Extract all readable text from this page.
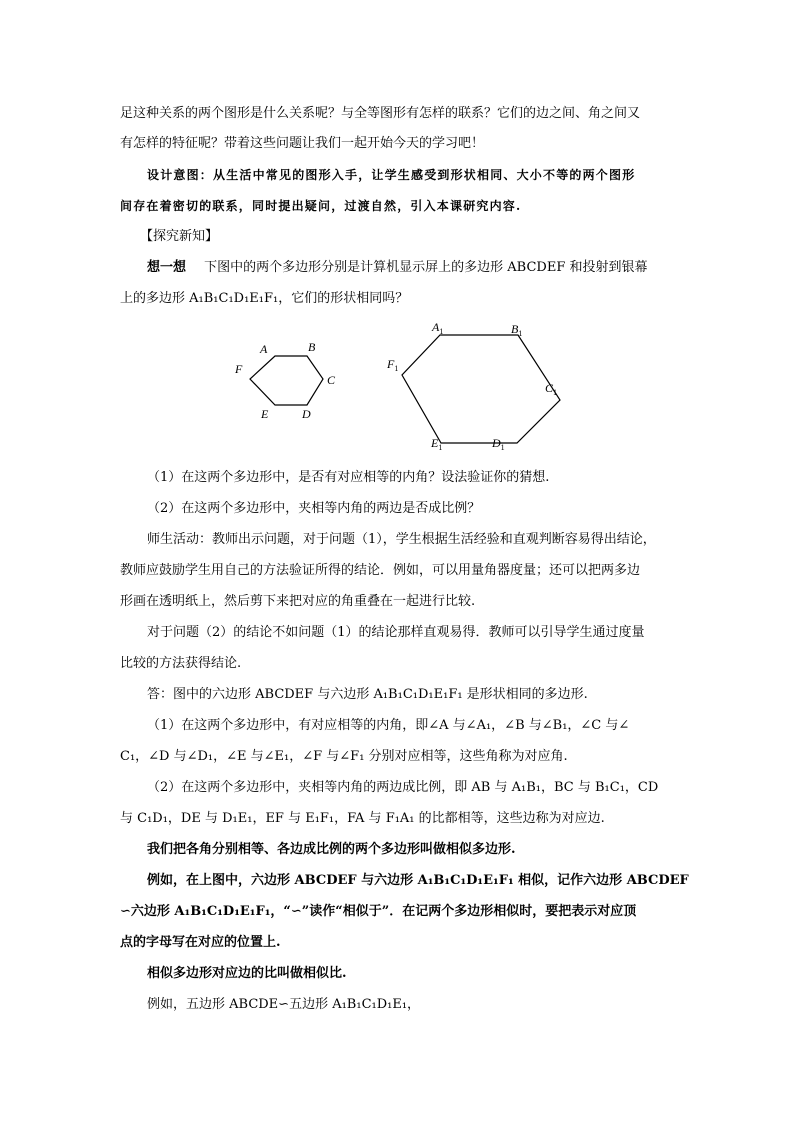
足这种关系的两个图形是什么关系呢？与全等图形有怎样的联系？它们的边之间、角之间又
有怎样的特征呢？带着这些问题让我们一起开始今天的学习吧！
设计意图：从生活中常见的图形入手，让学生感受到形状相同、大小不等的两个图形
间存在着密切的联系，同时提出疑问，过渡自然，引入本课研究内容.
【探究新知】
想一想 下图中的两个多边形分别是计算机显示屏上的多边形 ABCDEF 和投射到银幕
上的多边形 A₁B₁C₁D₁E₁F₁，它们的形状相同吗？
A	B
C
D
E
F
$A_1$	$B_1$
$C_1$
$D_1$
$E_1$
$F_1$
（1）在这两个多边形中，是否有对应相等的内角？设法验证你的猜想.
（2）在这两个多边形中，夹相等内角的两边是否成比例？
师生活动：教师出示问题，对于问题（1），学生根据生活经验和直观判断容易得出结论，
教师应鼓励学生用自己的方法验证所得的结论．例如，可以用量角器度量；还可以把两多边
形画在透明纸上，然后剪下来把对应的角重叠在一起进行比较.
对于问题（2）的结论不如问题（1）的结论那样直观易得．教师可以引导学生通过度量
比较的方法获得结论.
答：图中的六边形 ABCDEF 与六边形 A₁B₁C₁D₁E₁F₁ 是形状相同的多边形.
（1）在这两个多边形中，有对应相等的内角，即∠A 与∠A₁，∠B 与∠B₁，∠C 与∠
C₁，∠D 与∠D₁，∠E 与∠E₁，∠F 与∠F₁ 分别对应相等，这些角称为对应角.
（2）在这两个多边形中，夹相等内角的两边成比例，即 AB 与 A₁B₁，BC 与 B₁C₁，CD
与 C₁D₁，DE 与 D₁E₁，EF 与 E₁F₁，FA 与 F₁A₁ 的比都相等，这些边称为对应边.
我们把各角分别相等、各边成比例的两个多边形叫做相似多边形.
例如，在上图中，六边形 ABCDEF 与六边形 A₁B₁C₁D₁E₁F₁ 相似，记作六边形 ABCDEF
∽六边形 A₁B₁C₁D₁E₁F₁，“∽”读作“相似于”．在记两个多边形相似时，要把表示对应顶
点的字母写在对应的位置上.
相似多边形对应边的比叫做相似比.
例如，五边形 ABCDE∽五边形 A₁B₁C₁D₁E₁，
